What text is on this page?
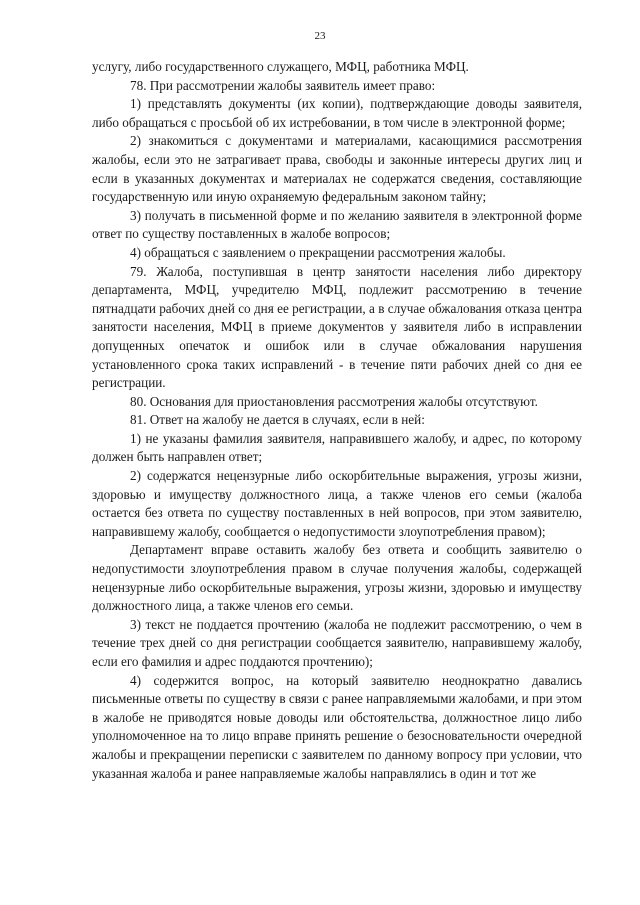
23

услугу, либо государственного служащего, МФЦ, работника МФЦ.

78. При рассмотрении жалобы заявитель имеет право:

1) представлять документы (их копии), подтверждающие доводы заявителя, либо обращаться с просьбой об их истребовании, в том числе в электронной форме;

2) знакомиться с документами и материалами, касающимися рассмотрения жалобы, если это не затрагивает права, свободы и законные интересы других лиц и если в указанных документах и материалах не содержатся сведения, составляющие государственную или иную охраняемую федеральным законом тайну;

3) получать в письменной форме и по желанию заявителя в электронной форме ответ по существу поставленных в жалобе вопросов;

4) обращаться с заявлением о прекращении рассмотрения жалобы.

79. Жалоба, поступившая в центр занятости населения либо директору департамента, МФЦ, учредителю МФЦ, подлежит рассмотрению в течение пятнадцати рабочих дней со дня ее регистрации, а в случае обжалования отказа центра занятости населения, МФЦ в приеме документов у заявителя либо в исправлении допущенных опечаток и ошибок или в случае обжалования нарушения установленного срока таких исправлений - в течение пяти рабочих дней со дня ее регистрации.

80. Основания для приостановления рассмотрения жалобы отсутствуют.

81. Ответ на жалобу не дается в случаях, если в ней:

1) не указаны фамилия заявителя, направившего жалобу, и адрес, по которому должен быть направлен ответ;

2) содержатся нецензурные либо оскорбительные выражения, угрозы жизни, здоровью и имуществу должностного лица, а также членов его семьи (жалоба остается без ответа по существу поставленных в ней вопросов, при этом заявителю, направившему жалобу, сообщается о недопустимости злоупотребления правом);

Департамент вправе оставить жалобу без ответа и сообщить заявителю о недопустимости злоупотребления правом в случае получения жалобы, содержащей нецензурные либо оскорбительные выражения, угрозы жизни, здоровью и имуществу должностного лица, а также членов его семьи.

3) текст не поддается прочтению (жалоба не подлежит рассмотрению, о чем в течение трех дней со дня регистрации сообщается заявителю, направившему жалобу, если его фамилия и адрес поддаются прочтению);

4) содержится вопрос, на который заявителю неоднократно давались письменные ответы по существу в связи с ранее направляемыми жалобами, и при этом в жалобе не приводятся новые доводы или обстоятельства, должностное лицо либо уполномоченное на то лицо вправе принять решение о безосновательности очередной жалобы и прекращении переписки с заявителем по данному вопросу при условии, что указанная жалоба и ранее направляемые жалобы направлялись в один и тот же
